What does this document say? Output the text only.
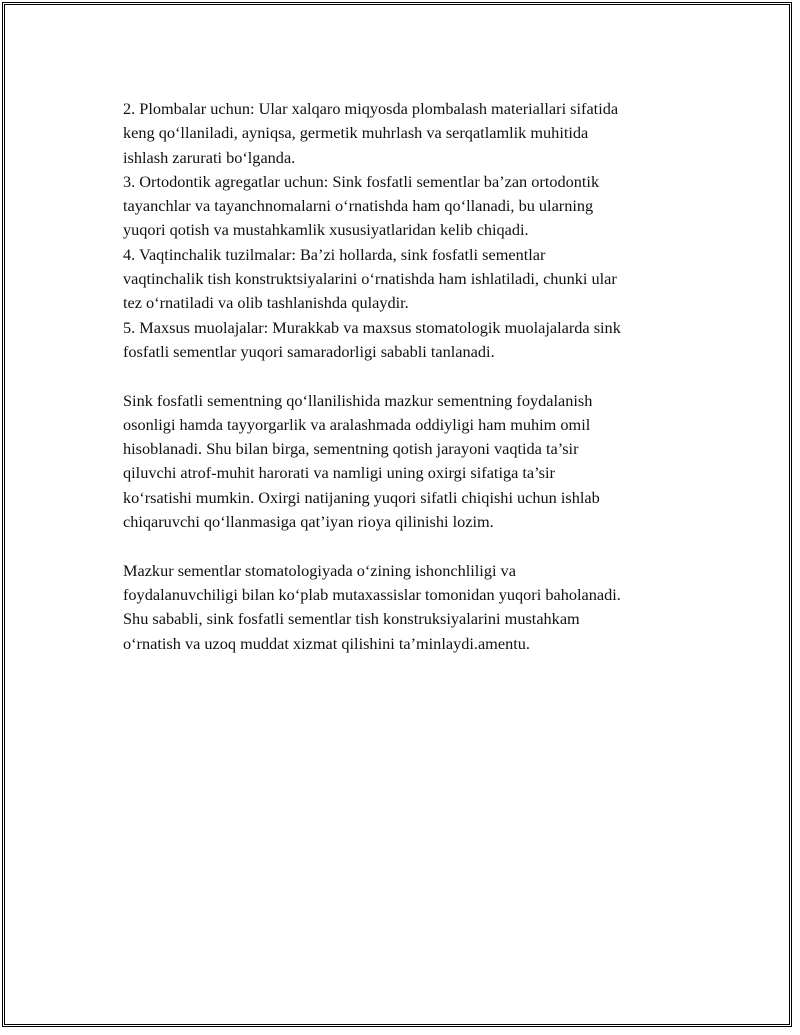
2. Plombalar uchun: Ular xalqaro miqyosda plombalash materiallari sifatida
keng qo‘llaniladi, ayniqsa, germetik muhrlash va serqatlamlik muhitida
ishlash zarurati bo‘lganda.
3. Ortodontik agregatlar uchun: Sink fosfatli sementlar ba’zan ortodontik
tayanchlar va tayanchnomalarni o‘rnatishda ham qo‘llanadi, bu ularning
yuqori qotish va mustahkamlik xususiyatlaridan kelib chiqadi.
4. Vaqtinchalik tuzilmalar: Ba’zi hollarda, sink fosfatli sementlar
vaqtinchalik tish konstruktsiyalarini o‘rnatishda ham ishlatiladi, chunki ular
tez o‘rnatiladi va olib tashlanishda qulaydir.
5. Maxsus muolajalar: Murakkab va maxsus stomatologik muolajalarda sink
fosfatli sementlar yuqori samaradorligi sababli tanlanadi.
Sink fosfatli sementning qo‘llanilishida mazkur sementning foydalanish
osonligi hamda tayyorgarlik va aralashmada oddiyligi ham muhim omil
hisoblanadi. Shu bilan birga, sementning qotish jarayoni vaqtida ta’sir
qiluvchi atrof-muhit harorati va namligi uning oxirgi sifatiga ta’sir
ko‘rsatishi mumkin. Oxirgi natijaning yuqori sifatli chiqishi uchun ishlab
chiqaruvchi qo‘llanmasiga qat’iyan rioya qilinishi lozim.
Mazkur sementlar stomatologiyada o‘zining ishonchliligi va
foydalanuvchiligi bilan ko‘plab mutaxassislar tomonidan yuqori baholanadi.
Shu sababli, sink fosfatli sementlar tish konstruksiyalarini mustahkam
o‘rnatish va uzoq muddat xizmat qilishini ta’minlaydi.amentu.
